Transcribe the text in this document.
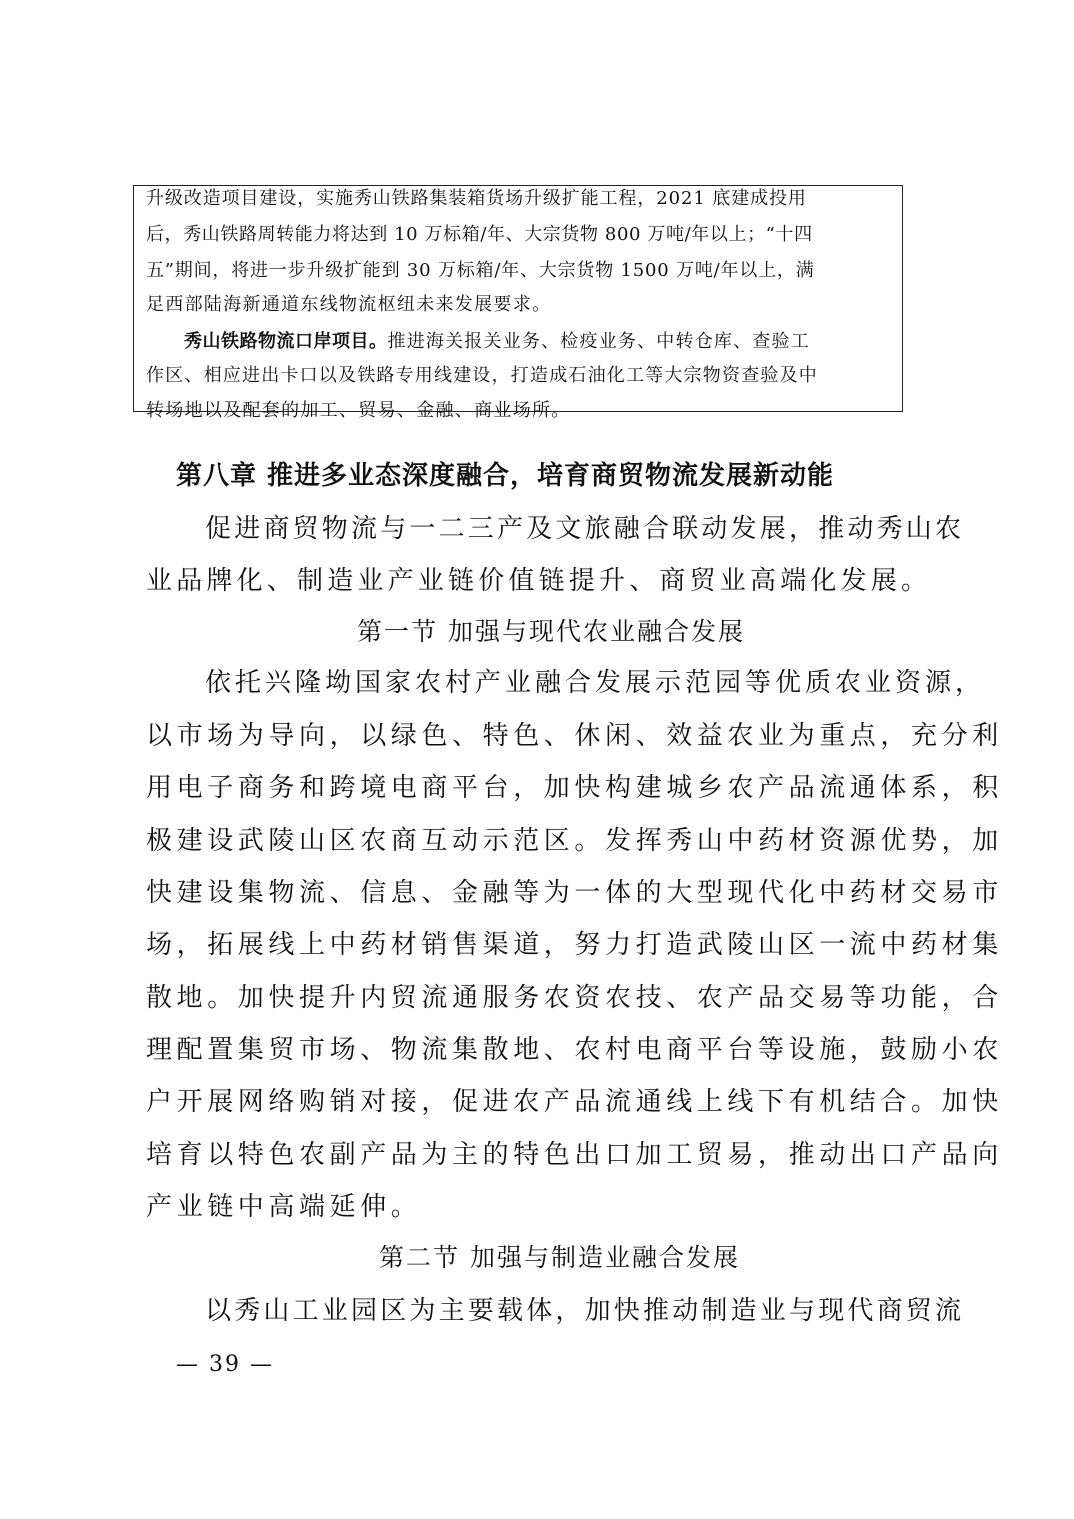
升级改造项目建设，实施秀山铁路集装箱货场升级扩能工程，2021 底建成投用
后，秀山铁路周转能力将达到 10 万标箱/年、大宗货物 800 万吨/年以上；“十四
五”期间，将进一步升级扩能到 30 万标箱/年、大宗货物 1500 万吨/年以上，满
足西部陆海新通道东线物流枢纽未来发展要求。
秀山铁路物流口岸项目。推进海关报关业务、检疫业务、中转仓库、查验工
作区、相应进出卡口以及铁路专用线建设，打造成石油化工等大宗物资查验及中
转场地以及配套的加工、贸易、金融、商业场所。
第八章 推进多业态深度融合，培育商贸物流发展新动能
促进商贸物流与一二三产及文旅融合联动发展，推动秀山农
业品牌化、制造业产业链价值链提升、商贸业高端化发展。
第一节 加强与现代农业融合发展
依托兴隆坳国家农村产业融合发展示范园等优质农业资源，
以市场为导向，以绿色、特色、休闲、效益农业为重点，充分利
用电子商务和跨境电商平台，加快构建城乡农产品流通体系，积
极建设武陵山区农商互动示范区。发挥秀山中药材资源优势，加
快建设集物流、信息、金融等为一体的大型现代化中药材交易市
场，拓展线上中药材销售渠道，努力打造武陵山区一流中药材集
散地。加快提升内贸流通服务农资农技、农产品交易等功能，合
理配置集贸市场、物流集散地、农村电商平台等设施，鼓励小农
户开展网络购销对接，促进农产品流通线上线下有机结合。加快
培育以特色农副产品为主的特色出口加工贸易，推动出口产品向
产业链中高端延伸。
第二节 加强与制造业融合发展
以秀山工业园区为主要载体，加快推动制造业与现代商贸流
— 39 —
